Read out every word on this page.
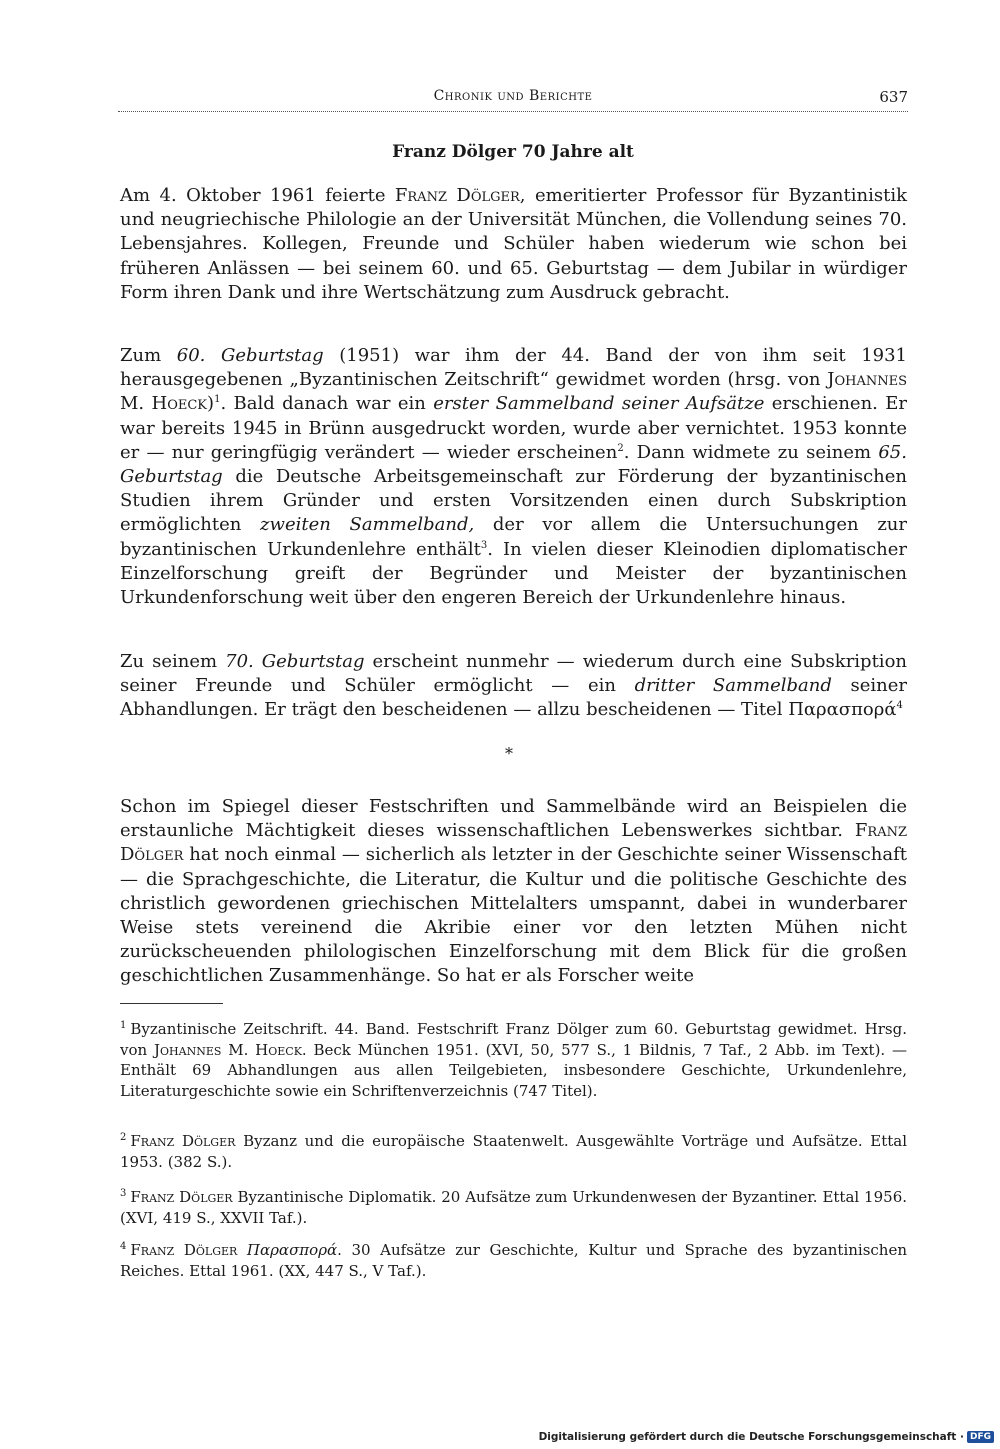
Chronik und Berichte	637
Franz Dölger 70 Jahre alt

Am 4. Oktober 1961 feierte Franz Dölger, emeritierter Professor für Byzantinistik und neugriechische Philologie an der Universität München, die Vollendung seines 70. Lebensjahres. Kollegen, Freunde und Schüler haben wiederum wie schon bei früheren Anlässen — bei seinem 60. und 65. Geburtstag — dem Jubilar in würdiger Form ihren Dank und ihre Wertschätzung zum Ausdruck gebracht.

Zum 60. Geburtstag (1951) war ihm der 44. Band der von ihm seit 1931 herausgegebenen „Byzantinischen Zeitschrift“ gewidmet worden (hrsg. von Johannes M. Hoeck)$^1$. Bald danach war ein erster Sammelband seiner Aufsätze erschienen. Er war bereits 1945 in Brünn ausgedruckt worden, wurde aber vernichtet. 1953 konnte er — nur geringfügig verändert — wieder erscheinen$^2$. Dann widmete zu seinem 65. Geburtstag die Deutsche Arbeitsgemeinschaft zur Förderung der byzantinischen Studien ihrem Gründer und ersten Vorsitzenden einen durch Subskription ermöglichten zweiten Sammelband, der vor allem die Untersuchungen zur byzantinischen Urkundenlehre enthält$^3$. In vielen dieser Kleinodien diplomatischer Einzelforschung greift der Begründer und Meister der byzantinischen Urkundenforschung weit über den engeren Bereich der Urkundenlehre hinaus.

Zu seinem 70. Geburtstag erscheint nunmehr — wiederum durch eine Subskription seiner Freunde und Schüler ermöglicht — ein dritter Sammelband seiner Abhandlungen. Er trägt den bescheidenen — allzu bescheidenen — Titel Παρασπορά$^4$

*

Schon im Spiegel dieser Festschriften und Sammelbände wird an Beispielen die erstaunliche Mächtigkeit dieses wissenschaftlichen Lebenswerkes sichtbar. Franz Dölger hat noch einmal — sicherlich als letzter in der Geschichte seiner Wissenschaft — die Sprachgeschichte, die Literatur, die Kultur und die politische Geschichte des christlich gewordenen griechischen Mittelalters umspannt, dabei in wunderbarer Weise stets vereinend die Akribie einer vor den letzten Mühen nicht zurückscheuenden philologischen Einzelforschung mit dem Blick für die großen geschichtlichen Zusammenhänge. So hat er als Forscher weite

$^1$ Byzantinische Zeitschrift. 44. Band. Festschrift Franz Dölger zum 60. Geburtstag gewidmet. Hrsg. von Johannes M. Hoeck. Beck München 1951. (XVI, 50, 577 S., 1 Bildnis, 7 Taf., 2 Abb. im Text). — Enthält 69 Abhandlungen aus allen Teilgebieten, insbesondere Geschichte, Urkundenlehre, Literaturgeschichte sowie ein Schriftenverzeichnis (747 Titel).

$^2$ Franz Dölger Byzanz und die europäische Staatenwelt. Ausgewählte Vorträge und Aufsätze. Ettal 1953. (382 S.).

$^3$ Franz Dölger Byzantinische Diplomatik. 20 Aufsätze zum Urkundenwesen der Byzantiner. Ettal 1956. (XVI, 419 S., XXVII Taf.).

$^4$ Franz Dölger Παρασπορά. 30 Aufsätze zur Geschichte, Kultur und Sprache des byzantinischen Reiches. Ettal 1961. (XX, 447 S., V Taf.).

Digitalisierung gefördert durch die Deutsche Forschungsgemeinschaft · DFG
